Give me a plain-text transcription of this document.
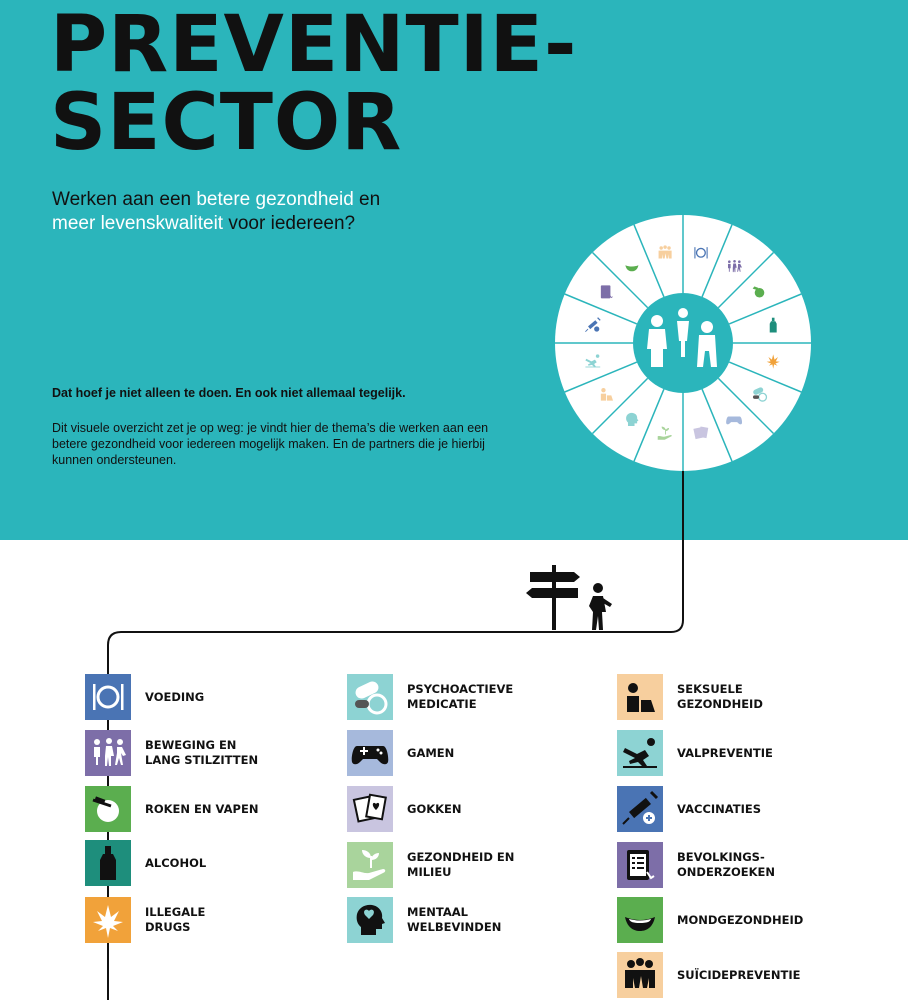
PREVENTIE-
SECTOR

Werken aan een betere gezondheid en
meer levenskwaliteit voor iedereen?

Dat hoef je niet alleen te doen. En ook niet allemaal tegelijk.

Dit visuele overzicht zet je op weg: je vindt hier de thema’s die werken aan een betere gezondheid voor iedereen mogelijk maken. En de partners die je hierbij kunnen ondersteunen.

VOEDING
BEWEGING EN
LANG STILZITTEN
ROKEN EN VAPEN
ALCOHOL
ILLEGALE
DRUGS
PSYCHOACTIEVE
MEDICATIE
GAMEN
GOKKEN
GEZONDHEID EN
MILIEU
MENTAAL
WELBEVINDEN
SEKSUELE
GEZONDHEID
VALPREVENTIE
VACCINATIES
BEVOLKINGS-
ONDERZOEKEN
MONDGEZONDHEID
SUÏCIDEPREVENTIE
